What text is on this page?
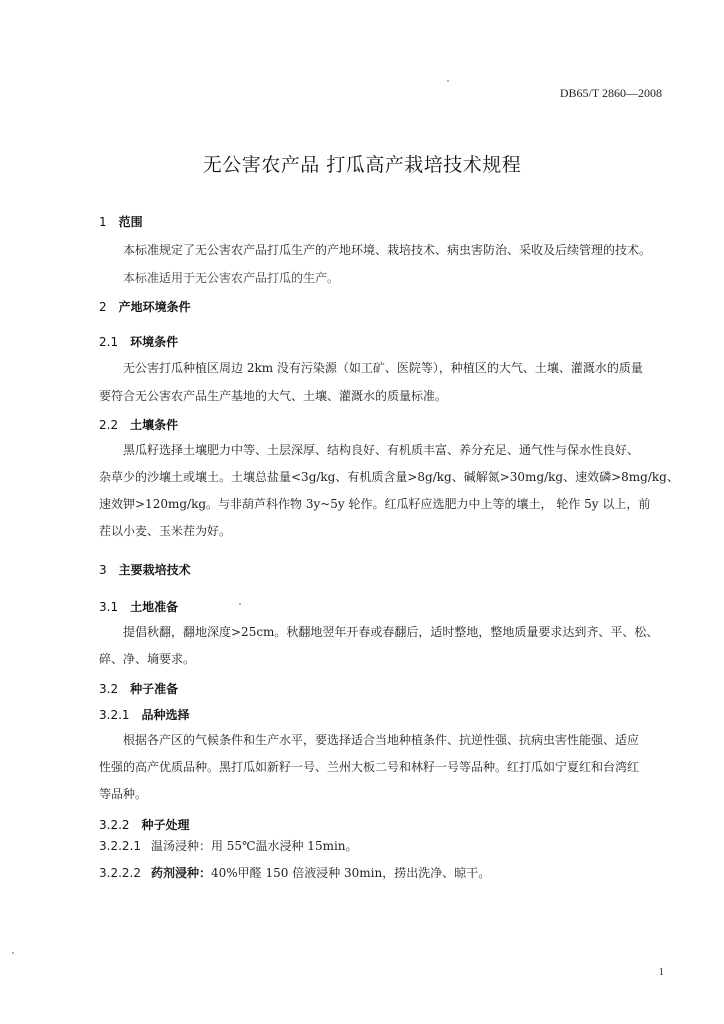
DB65/T 2860—2008
无公害农产品 打瓜高产栽培技术规程
1 范围
本标准规定了无公害农产品打瓜生产的产地环境、栽培技术、病虫害防治、采收及后续管理的技术。
本标准适用于无公害农产品打瓜的生产。
2 产地环境条件
2.1 环境条件
无公害打瓜种植区周边 2km 没有污染源（如工矿、医院等），种植区的大气、土壤、灌溉水的质量
要符合无公害农产品生产基地的大气、土壤、灌溉水的质量标准。
2.2 土壤条件
黑瓜籽选择土壤肥力中等、土层深厚、结构良好、有机质丰富、养分充足、通气性与保水性良好、
杂草少的沙壤土或壤土。土壤总盐量<3g/kg、有机质含量>8g/kg、碱解氮>30mg/kg、速效磷>8mg/kg、
速效钾>120mg/kg。与非葫芦科作物 3y~5y 轮作。红瓜籽应选肥力中上等的壤土， 轮作 5y 以上，前
茬以小麦、玉米茬为好。
3 主要栽培技术
3.1 土地准备
提倡秋翻，翻地深度>25cm。秋翻地翌年开春或春翻后，适时整地，整地质量要求达到齐、平、松、
碎、净、墒要求。
3.2 种子准备
3.2.1 品种选择
根据各产区的气候条件和生产水平，要选择适合当地种植条件、抗逆性强、抗病虫害性能强、适应
性强的高产优质品种。黑打瓜如新籽一号、兰州大板二号和林籽一号等品种。红打瓜如宁夏红和台湾红
等品种。
3.2.2 种子处理
3.2.2.1 温汤浸种：用 55℃温水浸种 15min。
3.2.2.2 药剂浸种：40%甲醛 150 倍液浸种 30min，捞出洗净、晾干。
1
